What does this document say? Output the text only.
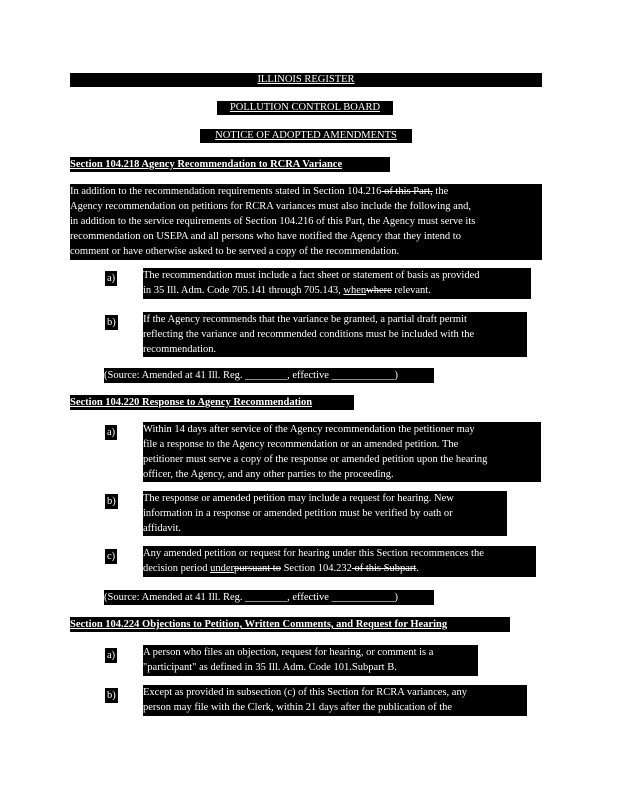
ILLINOIS REGISTER
POLLUTION CONTROL BOARD
NOTICE OF ADOPTED AMENDMENTS
Section 104.218 Agency Recommendation to RCRA Variance
In addition to the recommendation requirements stated in Section 104.216 of this Part, the
Agency recommendation on petitions for RCRA variances must also include the following and,
in addition to the service requirements of Section 104.216 of this Part, the Agency must serve its
recommendation on USEPA and all persons who have notified the Agency that they intend to
comment or have otherwise asked to be served a copy of the recommendation.
a)	The recommendation must include a fact sheet or statement of basis as provided
in 35 Ill. Adm. Code 705.141 through 705.143, whenwhere relevant.
b)	If the Agency recommends that the variance be granted, a partial draft permit
reflecting the variance and recommended conditions must be included with the
recommendation.
(Source: Amended at 41 Ill. Reg. ________, effective ____________)
Section 104.220 Response to Agency Recommendation
a)	Within 14 days after service of the Agency recommendation the petitioner may
file a response to the Agency recommendation or an amended petition. The
petitioner must serve a copy of the response or amended petition upon the hearing
officer, the Agency, and any other parties to the proceeding.
b)	The response or amended petition may include a request for hearing. New
information in a response or amended petition must be verified by oath or
affidavit.
c)	Any amended petition or request for hearing under this Section recommences the
decision period underpursuant to Section 104.232 of this Subpart.
(Source: Amended at 41 Ill. Reg. ________, effective ____________)
Section 104.224 Objections to Petition, Written Comments, and Request for Hearing
a)	A person who files an objection, request for hearing, or comment is a
"participant" as defined in 35 Ill. Adm. Code 101.Subpart B.
b)	Except as provided in subsection (c) of this Section for RCRA variances, any
person may file with the Clerk, within 21 days after the publication of the
